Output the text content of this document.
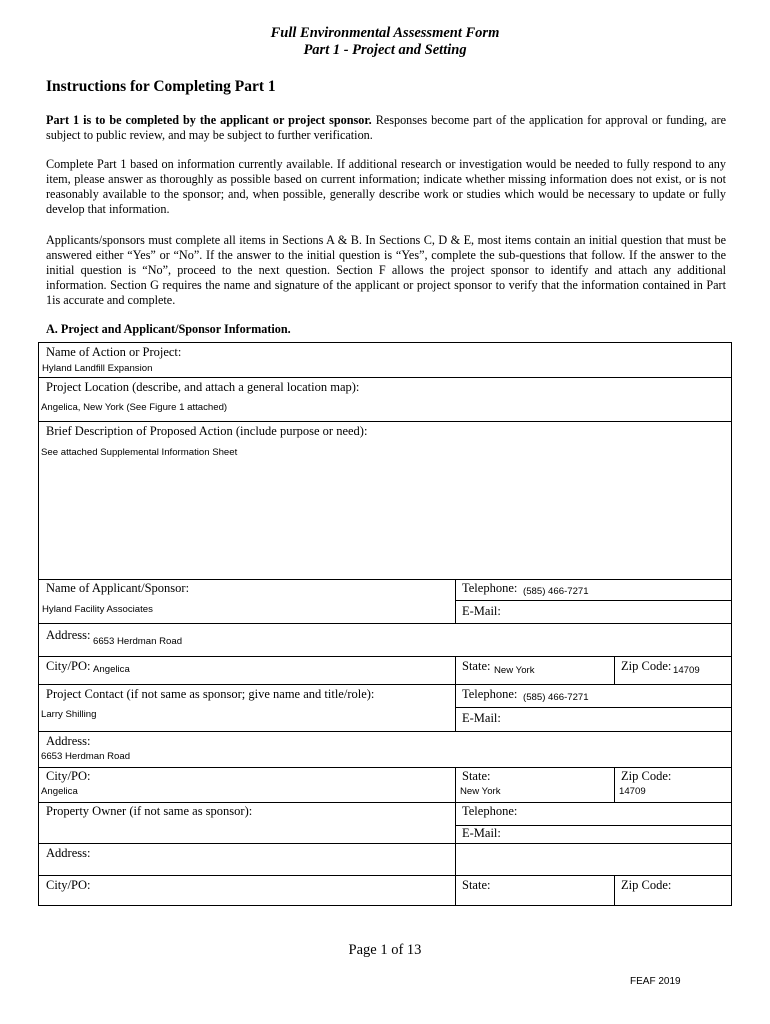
Full Environmental Assessment Form
Part 1 - Project and Setting
Instructions for Completing Part 1
Part 1 is to be completed by the applicant or project sponsor. Responses become part of the application for approval or funding, are subject to public review, and may be subject to further verification.
Complete Part 1 based on information currently available. If additional research or investigation would be needed to fully respond to any item, please answer as thoroughly as possible based on current information; indicate whether missing information does not exist, or is not reasonably available to the sponsor; and, when possible, generally describe work or studies which would be necessary to update or fully develop that information.
Applicants/sponsors must complete all items in Sections A & B. In Sections C, D & E, most items contain an initial question that must be answered either “Yes” or “No”. If the answer to the initial question is “Yes”, complete the sub-questions that follow. If the answer to the initial question is “No”, proceed to the next question. Section F allows the project sponsor to identify and attach any additional information. Section G requires the name and signature of the applicant or project sponsor to verify that the information contained in Part 1is accurate and complete.
A. Project and Applicant/Sponsor Information.
Name of Action or Project:
Hyland Landfill Expansion
Project Location (describe, and attach a general location map):
Angelica, New York (See Figure 1 attached)
Brief Description of Proposed Action (include purpose or need):
See attached Supplemental Information Sheet
Name of Applicant/Sponsor:
Hyland Facility Associates
Telephone: (585) 466-7271
E-Mail:
Address: 6653 Herdman Road
City/PO: Angelica	State: New York	Zip Code: 14709
Project Contact (if not same as sponsor; give name and title/role):
Larry Shilling
Telephone: (585) 466-7271
E-Mail:
Address:
6653 Herdman Road
City/PO:
Angelica
State:
New York
Zip Code:
14709
Property Owner (if not same as sponsor):	Telephone:
E-Mail:
Address:
City/PO:	State:	Zip Code:
Page 1 of 13
FEAF 2019
